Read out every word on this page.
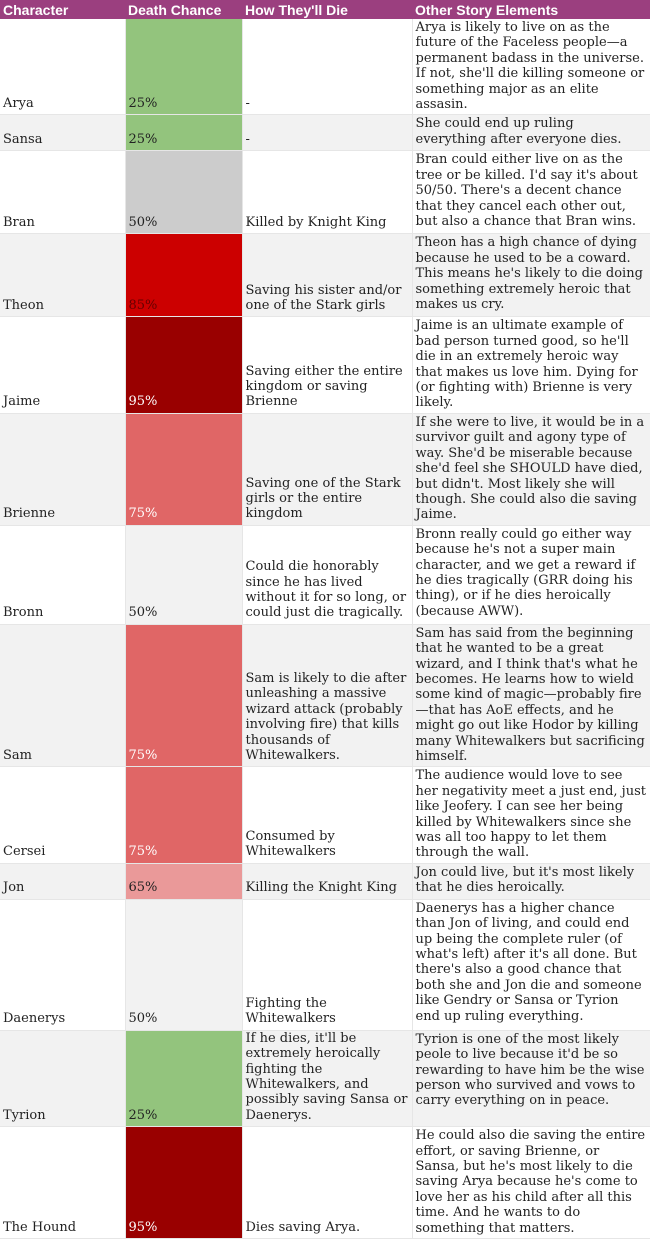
Character	Death Chance	How They'll Die	Other Story Elements
Arya	25%	-	Arya is likely to live on as the future of the Faceless people—a permanent badass in the universe. If not, she'll die killing someone or something major as an elite assasin.
Sansa	25%	-	She could end up ruling everything after everyone dies.
Bran	50%	Killed by Knight King	Bran could either live on as the tree or be killed. I'd say it's about 50/50. There's a decent chance that they cancel each other out, but also a chance that Bran wins.
Theon	85%	Saving his sister and/or one of the Stark girls	Theon has a high chance of dying because he used to be a coward. This means he's likely to die doing something extremely heroic that makes us cry.
Jaime	95%	Saving either the entire kingdom or saving Brienne	Jaime is an ultimate example of bad person turned good, so he'll die in an extremely heroic way that makes us love him. Dying for (or fighting with) Brienne is very likely.
Brienne	75%	Saving one of the Stark girls or the entire kingdom	If she were to live, it would be in a survivor guilt and agony type of way. She'd be miserable because she'd feel she SHOULD have died, but didn't. Most likely she will though. She could also die saving Jaime.
Bronn	50%	Could die honorably since he has lived without it for so long, or could just die tragically.	Bronn really could go either way because he's not a super main character, and we get a reward if he dies tragically (GRR doing his thing), or if he dies heroically (because AWW).
Sam	75%	Sam is likely to die after unleashing a massive wizard attack (probably involving fire) that kills thousands of Whitewalkers.	Sam has said from the beginning that he wanted to be a great wizard, and I think that's what he becomes. He learns how to wield some kind of magic—probably fire—that has AoE effects, and he might go out like Hodor by killing many Whitewalkers but sacrificing himself.
Cersei	75%	Consumed by Whitewalkers	The audience would love to see her negativity meet a just end, just like Jeofery. I can see her being killed by Whitewalkers since she was all too happy to let them through the wall.
Jon	65%	Killing the Knight King	Jon could live, but it's most likely that he dies heroically.
Daenerys	50%	Fighting the Whitewalkers	Daenerys has a higher chance than Jon of living, and could end up being the complete ruler (of what's left) after it's all done. But there's also a good chance that both she and Jon die and someone like Gendry or Sansa or Tyrion end up ruling everything.
Tyrion	25%	If he dies, it'll be extremely heroically fighting the Whitewalkers, and possibly saving Sansa or Daenerys.	Tyrion is one of the most likely peole to live because it'd be so rewarding to have him be the wise person who survived and vows to carry everything on in peace.
The Hound	95%	Dies saving Arya.	He could also die saving the entire effort, or saving Brienne, or Sansa, but he's most likely to die saving Arya because he's come to love her as his child after all this time. And he wants to do something that matters.
